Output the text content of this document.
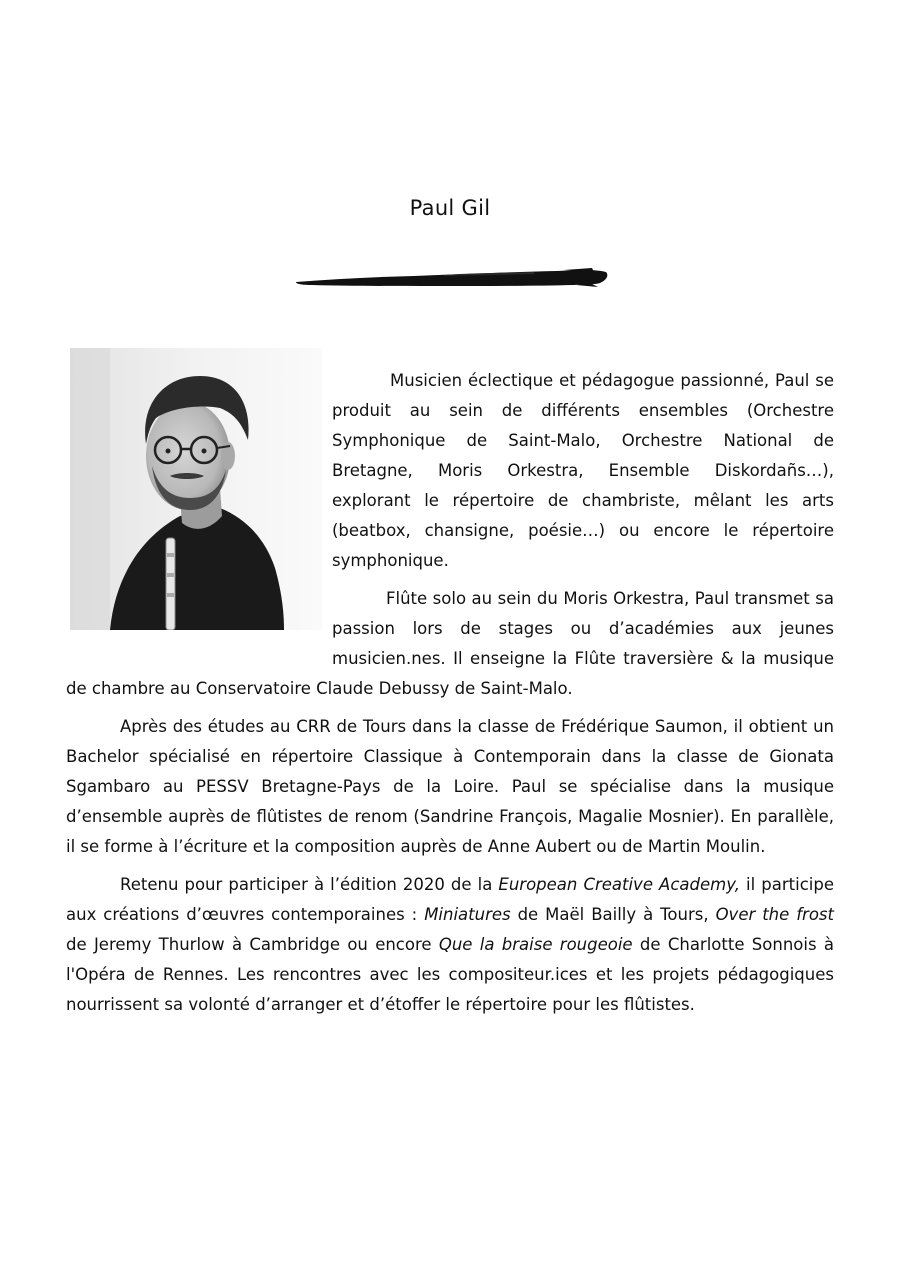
Paul Gil

Musicien éclectique et pédagogue passionné, Paul se produit au sein de différents ensembles (Orchestre Symphonique de Saint-Malo, Orchestre National de Bretagne, Moris Orkestra, Ensemble Diskordañs…), explorant le répertoire de chambriste, mêlant les arts (beatbox, chansigne, poésie…) ou encore le répertoire symphonique.

Flûte solo au sein du Moris Orkestra, Paul transmet sa passion lors de stages ou d’académies aux jeunes musicien.nes. Il enseigne la Flûte traversière & la musique de chambre au Conservatoire Claude Debussy de Saint-Malo.

Après des études au CRR de Tours dans la classe de Frédérique Saumon, il obtient un Bachelor spécialisé en répertoire Classique à Contemporain dans la classe de Gionata Sgambaro au PESSV Bretagne-Pays de la Loire. Paul se spécialise dans la musique d’ensemble auprès de flûtistes de renom (Sandrine François, Magalie Mosnier). En parallèle, il se forme à l’écriture et la composition auprès de Anne Aubert ou de Martin Moulin.

Retenu pour participer à l’édition 2020 de la European Creative Academy, il participe aux créations d’œuvres contemporaines : Miniatures de Maël Bailly à Tours, Over the frost de Jeremy Thurlow à Cambridge ou encore Que la braise rougeoie de Charlotte Sonnois à l'Opéra de Rennes. Les rencontres avec les compositeur.ices et les projets pédagogiques nourrissent sa volonté d’arranger et d’étoffer le répertoire pour les flûtistes.
